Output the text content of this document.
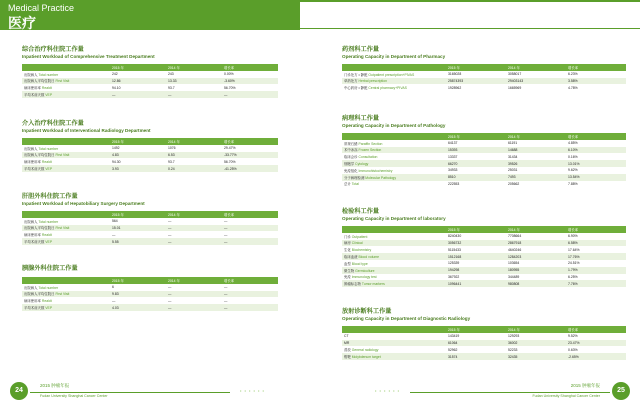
Medical Practice
医疗
综合治疗科住院工作量
Inpatient Workload of Comprehensive Treatment Department
	2015 年	2014 年	增长率
出院病人 Total number	242	243	0.00%
出院病人平均住院日 First Visit	12.86	13.33	-3.60%
病床使用率 Realdt	94.10	93.7	56.70%
平均术前天数 VEP	—	—	—
介入治疗科住院工作量
Inpatient Workload of Interventional Radiology Department
	2015 年	2014 年	增长率
出院病人 Total number	1492	1076	29.47%
出院病人平均住院日 First Visit	4.83	6.53	-33.77%
病床使用率 Realdt	94.30	93.7	56.70%
平均术前天数 VEP	3.93	0.24	-41.25%
肝胆外科住院工作量
Inpatient Workload of Hepatobiliary Surgery Department
	2015 年	2014 年	增长率
出院病人 Total number	564	—	—
出院病人平均住院日 First Visit	15.01	—	—
病床使用率 Realdt	—	—	—
平均术前天数 VEP	5.55	—	—
胰腺外科住院工作量
	2015 年	2014 年	增长率
出院病人 Total number	6	—	—
出院病人平均住院日 First Visit	9.83	—	—
病床使用率 Realdt	—	—	—
平均术前天数 VEP	4.03	—	—
药剂科工作量
Operating Capacity in Department of Pharmacy
	2015 年	2014 年	增长率
门诊处方 • 静配 Outpatient prescription+PIVAS	3165028	3058017	6.23%
草药处方 Herbal prescription	25874393	29403143	3.58%
中心药房 • 静配 Central pharmacy+PIVAS	1928962	1665969	4.78%
病理科工作量
Operating Capacity in Department of Pathology
	2015 年	2014 年	增长率
常规石蜡 Paraffin Section	64137	61191	4.85%
术中冰冻 Frozen Section	15393	14688	6.10%
临床会诊 Consultation	13337	31434	0.16%
细胞学 Cytology	66270	39526	13.01%
免疫组化 Immunohistochemistry	34933	25031	9.62%
分子病理检测 Molecular Pathology	8510	7493	13.54%
总计 Total	222553	205662	7.88%
检验科工作量
Operating Capacity in Department of laboratory
	2015 年	2014 年	增长率
门诊 Outpatient	8240430	7708664	6.90%
病房 Clinical	3056732	2867918	6.58%
生化 Biochemistry	5115433	4640246	17.64%
临床血液 Blood volume	1512168	1284203	17.76%
血型 Blood type	125339	103654	24.51%
微生物 Germiculture	194298	180955	1.79%
免疫 Immunology test	367922	344489	6.25%
肿瘤标志物 Tumor markers	1096441	980808	7.76%
放射诊断科工作量
Operating Capacity in Department of Diagnostic Radiology
	2015 年	2014 年	增长率
CT	143419	129293	9.52%
MR	61064	36002	23.47%
普放 General radiology	52962	52233	0.63%
钼靶 Molybdenum target	31574	32435	-2.65%
24
2015 肿瘤年报
Fudan University Shanghai Cancer Center
• • • • • •	25
2015 肿瘤年报
Fudan University Shanghai Cancer Center
• • • • • •
